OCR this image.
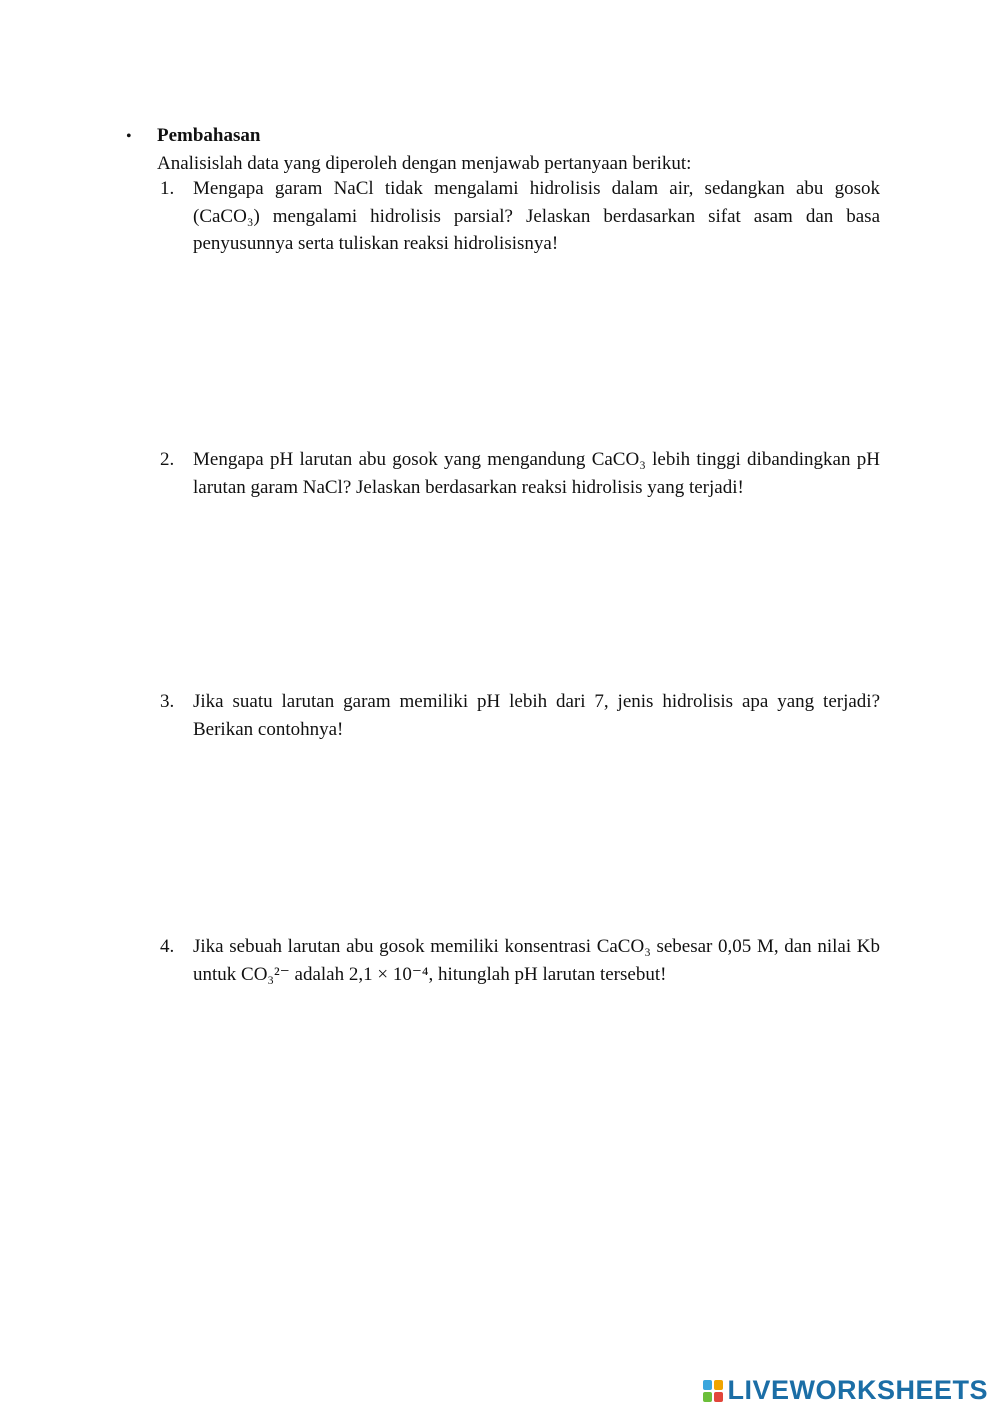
•	Pembahasan
Analisislah data yang diperoleh dengan menjawab pertanyaan berikut:
1. Mengapa garam NaCl tidak mengalami hidrolisis dalam air, sedangkan abu gosok (CaCO₃) mengalami hidrolisis parsial? Jelaskan berdasarkan sifat asam dan basa penyusunnya serta tuliskan reaksi hidrolisisnya!
2. Mengapa pH larutan abu gosok yang mengandung CaCO₃ lebih tinggi dibandingkan pH larutan garam NaCl? Jelaskan berdasarkan reaksi hidrolisis yang terjadi!
3. Jika suatu larutan garam memiliki pH lebih dari 7, jenis hidrolisis apa yang terjadi? Berikan contohnya!
4. Jika sebuah larutan abu gosok memiliki konsentrasi CaCO₃ sebesar 0,05 M, dan nilai Kb untuk CO₃²⁻ adalah 2,1 × 10⁻⁴, hitunglah pH larutan tersebut!
LIVEWORKSHEETS
